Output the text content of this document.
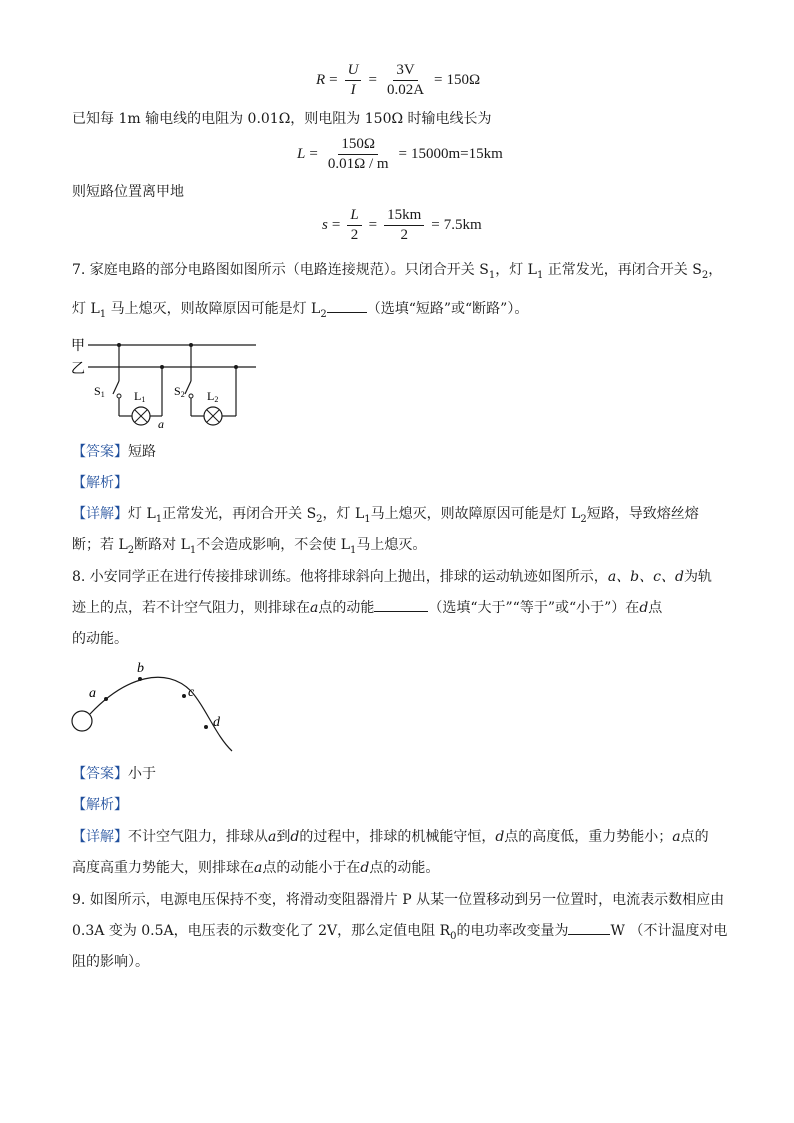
$R = \frac{U}{I} = \frac{3V}{0.02A} = 150\Omega$
已知每 1m 输电线的电阻为 0.01Ω，则电阻为 150Ω 时输电线长为
$L = \frac{150\Omega}{0.01\Omega / m} = 15000m=15km$
则短路位置离甲地
$s = \frac{L}{2} = \frac{15km}{2} = 7.5km$
7. 家庭电路的部分电路图如图所示（电路连接规范）。只闭合开关 $S_1$，灯 $L_1$ 正常发光，再闭合开关 $S_2$，
灯 $L_1$ 马上熄灭，则故障原因可能是灯 $L_2$	（选填“短路”或“断路”）。
甲
乙
S1 L1
a
S2 L2
【答案】短路
【解析】
【详解】灯 $L_1$正常发光，再闭合开关 $S_2$，灯 $L_1$马上熄灭，则故障原因可能是灯 $L_2$短路，导致熔丝熔
断；若 $L_2$断路对 $L_1$不会造成影响，不会使 $L_1$马上熄灭。
8. 小安同学正在进行传接排球训练。他将排球斜向上抛出，排球的运动轨迹如图所示，a、b、c、d为轨
迹上的点，若不计空气阻力，则排球在a点的动能	（选填“大于”“等于”或“小于”）在d点
的动能。
a
b
c
d
【答案】小于
【解析】
【详解】不计空气阻力，排球从a到d的过程中，排球的机械能守恒，d点的高度低，重力势能小；a点的
高度高重力势能大，则排球在a点的动能小于在d点的动能。
9. 如图所示，电源电压保持不变，将滑动变阻器滑片 P 从某一位置移动到另一位置时，电流表示数相应由
0.3A 变为 0.5A，电压表的示数变化了 2V，那么定值电阻 $R_0$的电功率改变量为	W （不计温度对电
阻的影响）。
